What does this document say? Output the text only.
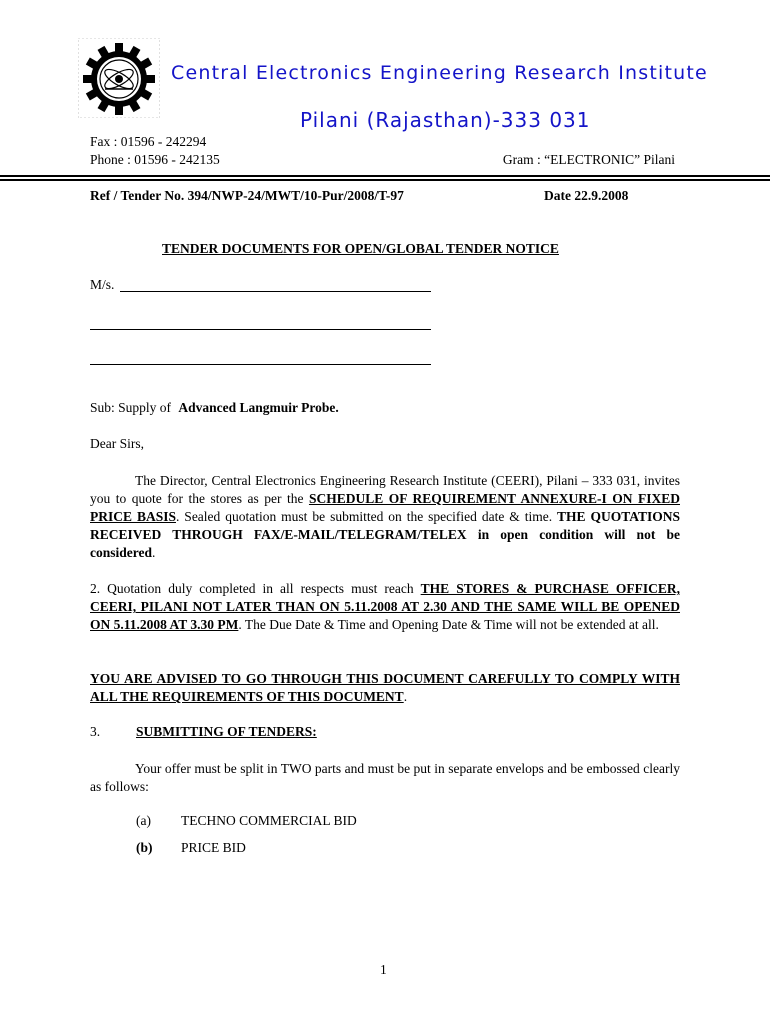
Central Electronics Engineering Research Institute
Pilani (Rajasthan)-333 031
Fax : 01596 - 242294
Phone : 01596 - 242135	Gram : “ELECTRONIC” Pilani
Ref / Tender No. 394/NWP-24/MWT/10-Pur/2008/T-97	Date 22.9.2008
TENDER DOCUMENTS FOR OPEN/GLOBAL TENDER NOTICE
M/s.
Sub: Supply of Advanced Langmuir Probe.
Dear Sirs,
The Director, Central Electronics Engineering Research Institute (CEERI), Pilani – 333 031, invites you to quote for the stores as per the SCHEDULE OF REQUIREMENT ANNEXURE-I ON FIXED PRICE BASIS. Sealed quotation must be submitted on the specified date & time. THE QUOTATIONS RECEIVED THROUGH FAX/E-MAIL/TELEGRAM/TELEX in open condition will not be considered.
2. Quotation duly completed in all respects must reach THE STORES & PURCHASE OFFICER, CEERI, PILANI NOT LATER THAN ON 5.11.2008 AT 2.30 AND THE SAME WILL BE OPENED ON 5.11.2008 AT 3.30 PM. The Due Date & Time and Opening Date & Time will not be extended at all.
YOU ARE ADVISED TO GO THROUGH THIS DOCUMENT CAREFULLY TO COMPLY WITH ALL THE REQUIREMENTS OF THIS DOCUMENT.
3.	SUBMITTING OF TENDERS:
Your offer must be split in TWO parts and must be put in separate envelops and be embossed clearly as follows:
(a) TECHNO COMMERCIAL BID
(b) PRICE BID
1
